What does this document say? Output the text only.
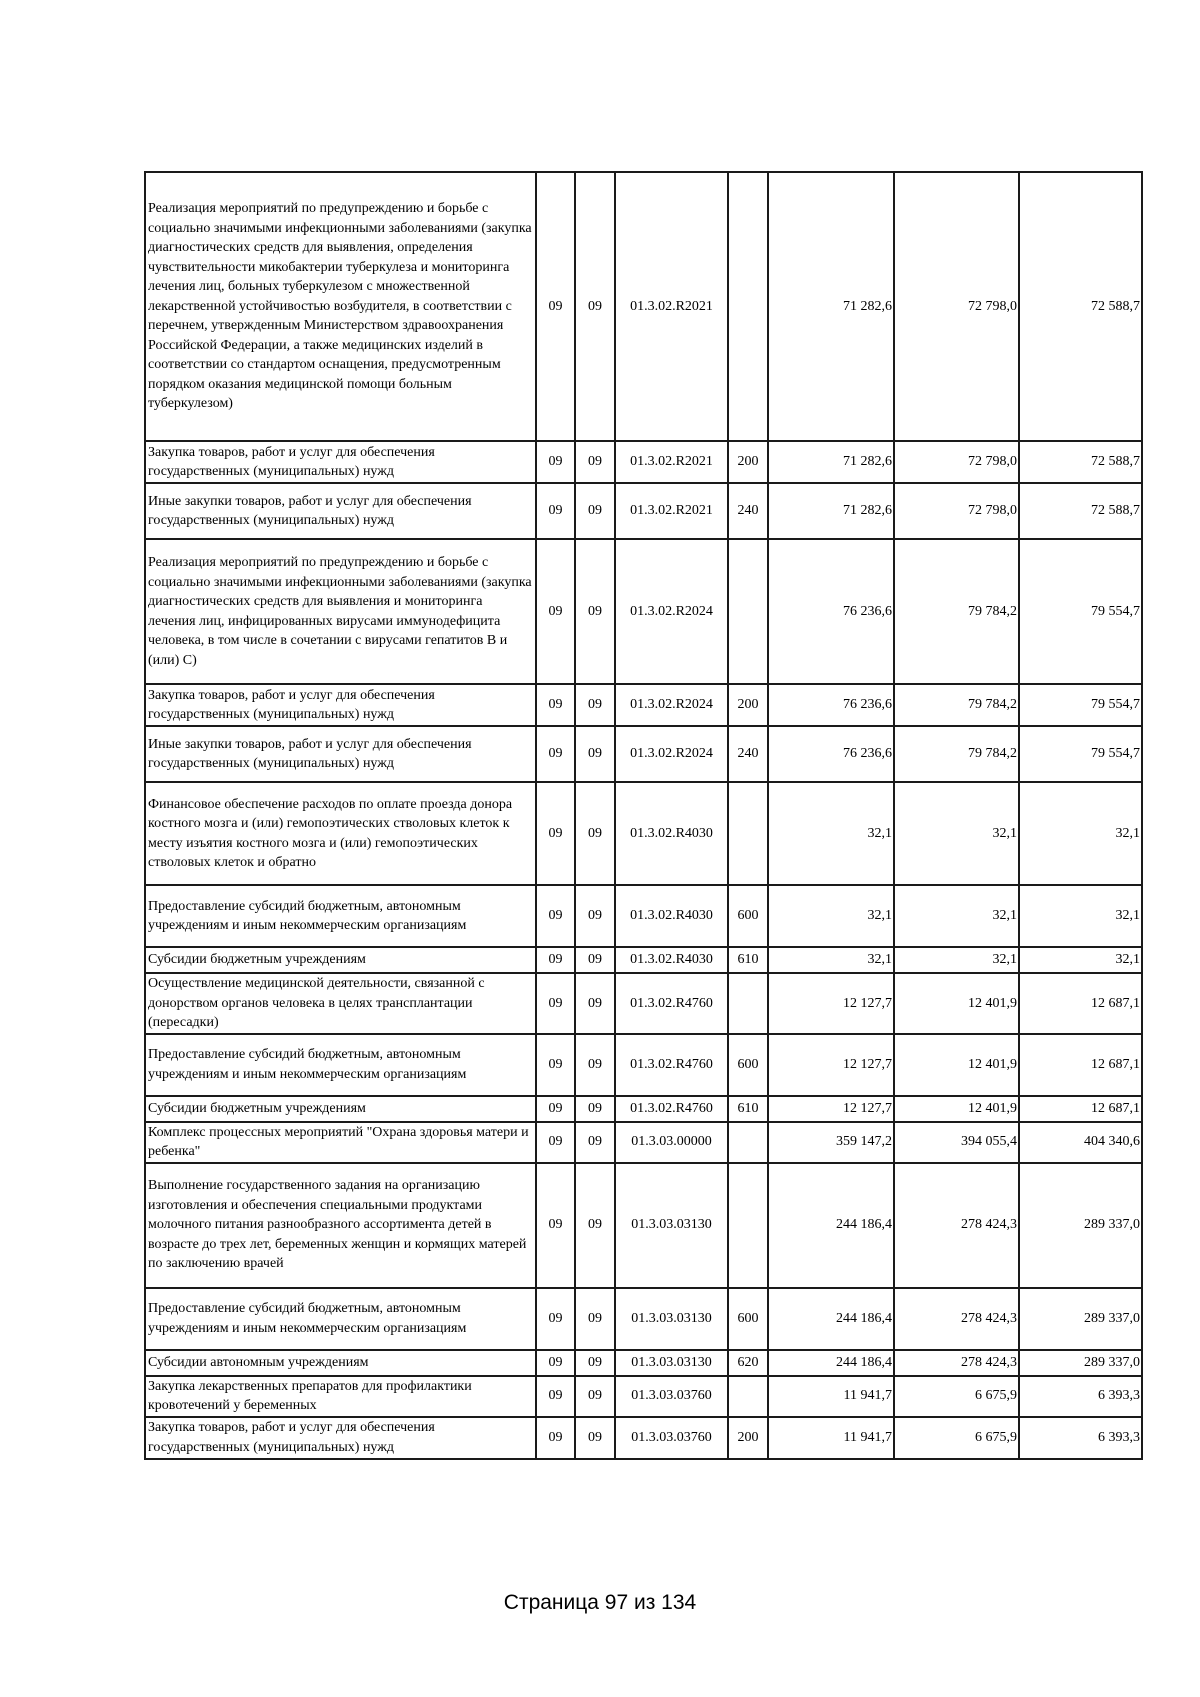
Реализация мероприятий по предупреждению и борьбе с социально значимыми инфекционными заболеваниями (закупка диагностических средств для выявления, определения чувствительности микобактерии туберкулеза и мониторинга лечения лиц, больных туберкулезом с множественной лекарственной устойчивостью возбудителя, в соответствии с перечнем, утвержденным Министерством здравоохранения Российской Федерации, а также медицинских изделий в соответствии со стандартом оснащения, предусмотренным порядком оказания медицинской помощи больным туберкулезом)	09	09	01.3.02.R2021		71 282,6	72 798,0	72 588,7
Закупка товаров, работ и услуг для обеспечения государственных (муниципальных) нужд	09	09	01.3.02.R2021	200	71 282,6	72 798,0	72 588,7
Иные закупки товаров, работ и услуг для обеспечения государственных (муниципальных) нужд	09	09	01.3.02.R2021	240	71 282,6	72 798,0	72 588,7
Реализация мероприятий по предупреждению и борьбе с социально значимыми инфекционными заболеваниями (закупка диагностических средств для выявления и мониторинга лечения лиц, инфицированных вирусами иммунодефицита человека, в том числе в сочетании с вирусами гепатитов В и (или) С)	09	09	01.3.02.R2024		76 236,6	79 784,2	79 554,7
Закупка товаров, работ и услуг для обеспечения государственных (муниципальных) нужд	09	09	01.3.02.R2024	200	76 236,6	79 784,2	79 554,7
Иные закупки товаров, работ и услуг для обеспечения государственных (муниципальных) нужд	09	09	01.3.02.R2024	240	76 236,6	79 784,2	79 554,7
Финансовое обеспечение расходов по оплате проезда донора костного мозга и (или) гемопоэтических стволовых клеток к месту изъятия костного мозга и (или) гемопоэтических стволовых клеток и обратно	09	09	01.3.02.R4030		32,1	32,1	32,1
Предоставление субсидий бюджетным, автономным учреждениям и иным некоммерческим организациям	09	09	01.3.02.R4030	600	32,1	32,1	32,1
Субсидии бюджетным учреждениям	09	09	01.3.02.R4030	610	32,1	32,1	32,1
Осуществление медицинской деятельности, связанной с донорством органов человека в целях трансплантации (пересадки)	09	09	01.3.02.R4760		12 127,7	12 401,9	12 687,1
Предоставление субсидий бюджетным, автономным учреждениям и иным некоммерческим организациям	09	09	01.3.02.R4760	600	12 127,7	12 401,9	12 687,1
Субсидии бюджетным учреждениям	09	09	01.3.02.R4760	610	12 127,7	12 401,9	12 687,1
Комплекс процессных мероприятий "Охрана здоровья матери и ребенка"	09	09	01.3.03.00000		359 147,2	394 055,4	404 340,6
Выполнение государственного задания на организацию изготовления и обеспечения специальными продуктами молочного питания разнообразного ассортимента детей в возрасте до трех лет, беременных женщин и кормящих матерей по заключению врачей	09	09	01.3.03.03130		244 186,4	278 424,3	289 337,0
Предоставление субсидий бюджетным, автономным учреждениям и иным некоммерческим организациям	09	09	01.3.03.03130	600	244 186,4	278 424,3	289 337,0
Субсидии автономным учреждениям	09	09	01.3.03.03130	620	244 186,4	278 424,3	289 337,0
Закупка лекарственных препаратов для профилактики кровотечений у беременных	09	09	01.3.03.03760		11 941,7	6 675,9	6 393,3
Закупка товаров, работ и услуг для обеспечения государственных (муниципальных) нужд	09	09	01.3.03.03760	200	11 941,7	6 675,9	6 393,3
Страница 97 из 134
